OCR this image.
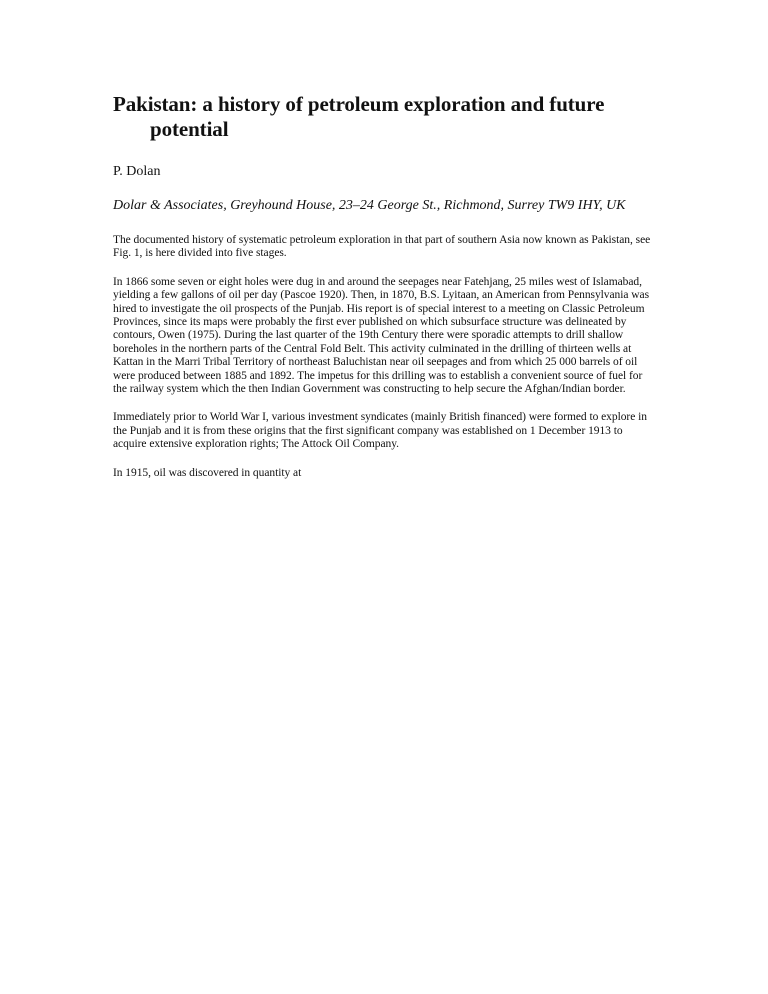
Pakistan: a history of petroleum exploration and future potential
P. Dolan
Dolar & Associates, Greyhound House, 23–24 George St., Richmond, Surrey TW9 IHY, UK

The documented history of systematic petroleum exploration in that part of southern Asia now known as Pakistan, see Fig. 1, is here divided into five stages.

In 1866 some seven or eight holes were dug in and around the seepages near Fatehjang, 25 miles west of Islamabad, yielding a few gallons of oil per day (Pascoe 1920). Then, in 1870, B.S. Lyitaan, an American from Pennsylvania was hired to investigate the oil prospects of the Punjab. His report is of special interest to a meeting on Classic Petroleum Provinces, since its maps were probably the first ever published on which subsurface structure was delineated by contours, Owen (1975). During the last quarter of the 19th Century there were sporadic attempts to drill shallow boreholes in the northern parts of the Central Fold Belt. This activity culminated in the drilling of thirteen wells at Kattan in the Marri Tribal Territory of northeast Baluchistan near oil seepages and from which 25 000 barrels of oil were produced between 1885 and 1892. The impetus for this drilling was to establish a convenient source of fuel for the railway system which the then Indian Government was constructing to help secure the Afghan/Indian border.

Immediately prior to World War I, various investment syndicates (mainly British financed) were formed to explore in the Punjab and it is from these origins that the first significant company was established on 1 December 1913 to acquire extensive exploration rights; The Attock Oil Company.

In 1915, oil was discovered in quantity at
